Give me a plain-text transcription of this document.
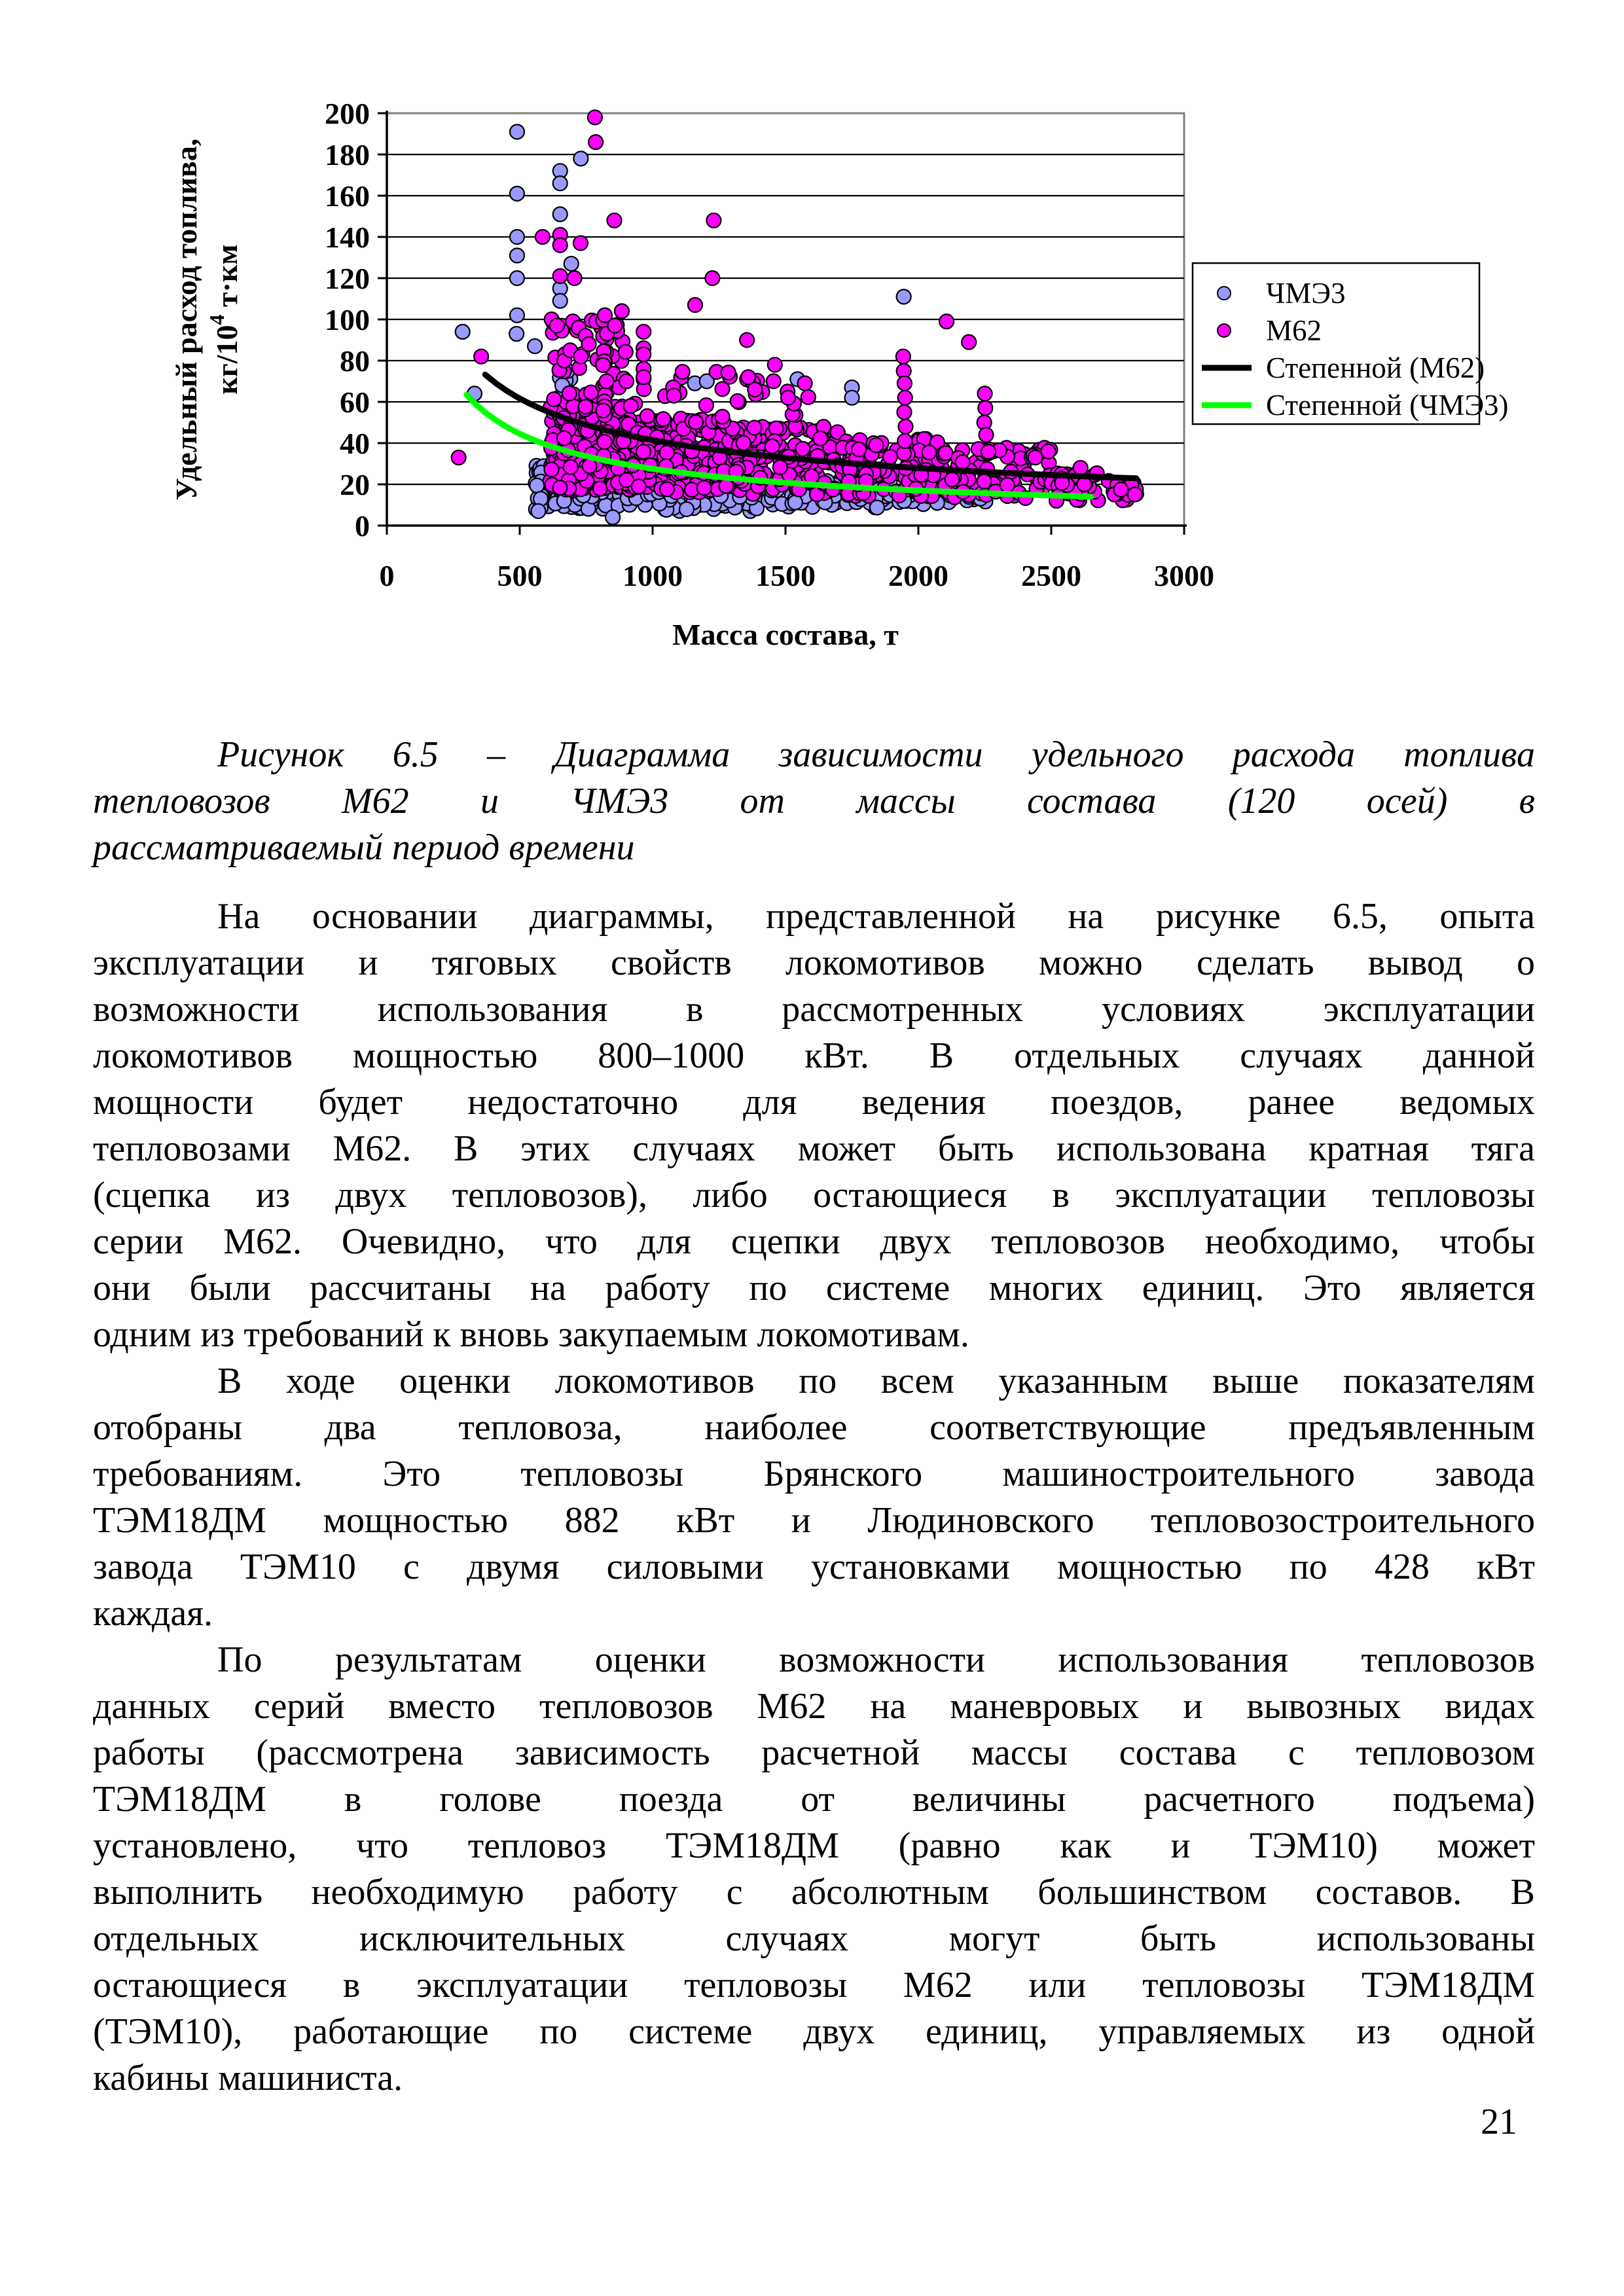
0
20
40
60
80
100
120
140
160
180
200
0	500	1000 1500 2000 2500 3000
Масса состава, т
Удельный расход топлива, $кг/10^4$ т·км	ЧМЭ3
М62
Степенной (М62)
Степенной (ЧМЭ3)
Рисунок 6.5 – Диаграмма зависимости удельного расхода топлива
тепловозов М62 и ЧМЭ3 от массы состава (120 осей) в
рассматриваемый период времени
На основании диаграммы, представленной на рисунке 6.5, опыта
эксплуатации и тяговых свойств локомотивов можно сделать вывод о
возможности использования в рассмотренных условиях эксплуатации
локомотивов мощностью 800–1000 кВт. В отдельных случаях данной
мощности будет недостаточно для ведения поездов, ранее ведомых
тепловозами М62. В этих случаях может быть использована кратная тяга
(сцепка из двух тепловозов), либо остающиеся в эксплуатации тепловозы
серии М62. Очевидно, что для сцепки двух тепловозов необходимо, чтобы
они были рассчитаны на работу по системе многих единиц. Это является
одним из требований к вновь закупаемым локомотивам.
В ходе оценки локомотивов по всем указанным выше показателям
отобраны два тепловоза, наиболее соответствующие предъявленным
требованиям. Это тепловозы Брянского машиностроительного завода
ТЭМ18ДМ мощностью 882 кВт и Людиновского тепловозостроительного
завода ТЭМ10 с двумя силовыми установками мощностью по 428 кВт
каждая.
По результатам оценки возможности использования тепловозов
данных серий вместо тепловозов М62 на маневровых и вывозных видах
работы (рассмотрена зависимость расчетной массы состава с тепловозом
ТЭМ18ДМ в голове поезда от величины расчетного подъема)
установлено, что тепловоз ТЭМ18ДМ (равно как и ТЭМ10) может
выполнить необходимую работу с абсолютным большинством составов. В
отдельных исключительных случаях могут быть использованы
остающиеся в эксплуатации тепловозы М62 или тепловозы ТЭМ18ДМ
(ТЭМ10), работающие по системе двух единиц, управляемых из одной
кабины машиниста.
21
